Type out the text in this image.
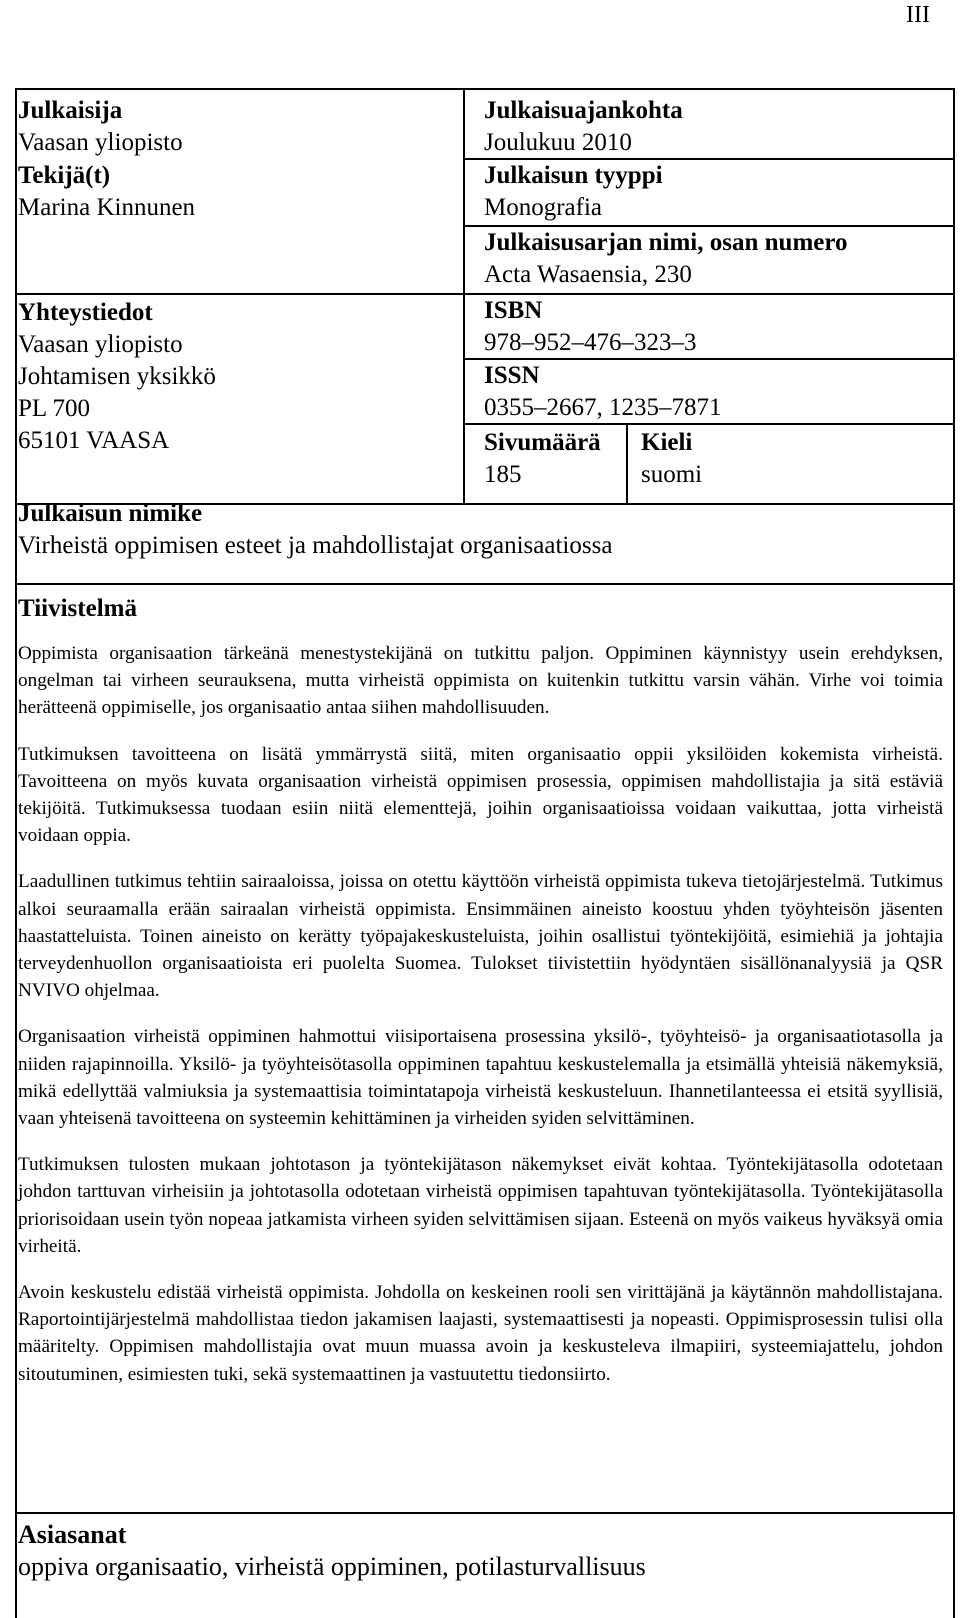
III
Julkaisija
Vaasan yliopisto
Tekijä(t)
Marina Kinnunen
Yhteystiedot
Vaasan yliopisto
Johtamisen yksikkö
PL 700
65101 VAASA
Julkaisuajankohta
Joulukuu 2010
Julkaisun tyyppi
Monografia
Julkaisusarjan nimi, osan numero
Acta Wasaensia, 230
ISBN
978–952–476–323–3
ISSN
0355–2667, 1235–7871
Sivumäärä
185
Kieli
suomi
Julkaisun nimike
Virheistä oppimisen esteet ja mahdollistajat organisaatiossa
Tiivistelmä

Oppimista organisaation tärkeänä menestystekijänä on tutkittu paljon. Oppiminen käynnistyy usein erehdyksen, ongelman tai virheen seurauksena, mutta virheistä oppimista on kuitenkin tutkittu varsin vähän. Virhe voi toimia herätteenä oppimiselle, jos organisaatio antaa siihen mahdollisuuden.

Tutkimuksen tavoitteena on lisätä ymmärrystä siitä, miten organisaatio oppii yksilöiden kokemista virheistä. Tavoitteena on myös kuvata organisaation virheistä oppimisen prosessia, oppimisen mahdollistajia ja sitä estäviä tekijöitä. Tutkimuksessa tuodaan esiin niitä elementtejä, joihin organisaatioissa voidaan vaikuttaa, jotta virheistä voidaan oppia.

Laadullinen tutkimus tehtiin sairaaloissa, joissa on otettu käyttöön virheistä oppimista tukeva tietojärjestelmä. Tutkimus alkoi seuraamalla erään sairaalan virheistä oppimista. Ensimmäinen aineisto koostuu yhden työyhteisön jäsenten haastatteluista. Toinen aineisto on kerätty työpajakeskusteluista, joihin osallistui työntekijöitä, esimiehiä ja johtajia terveydenhuollon organisaatioista eri puolelta Suomea. Tulokset tiivistettiin hyödyntäen sisällönanalyysiä ja QSR NVIVO ohjelmaa.

Organisaation virheistä oppiminen hahmottui viisiportaisena prosessina yksilö-, työyhteisö- ja organisaatiotasolla ja niiden rajapinnoilla. Yksilö- ja työyhteisötasolla oppiminen tapahtuu keskustelemalla ja etsimällä yhteisiä näkemyksiä, mikä edellyttää valmiuksia ja systemaattisia toimintatapoja virheistä keskusteluun. Ihannetilanteessa ei etsitä syyllisiä, vaan yhteisenä tavoitteena on systeemin kehittäminen ja virheiden syiden selvittäminen.

Tutkimuksen tulosten mukaan johtotason ja työntekijätason näkemykset eivät kohtaa. Työntekijätasolla odotetaan johdon tarttuvan virheisiin ja johtotasolla odotetaan virheistä oppimisen tapahtuvan työntekijätasolla. Työntekijätasolla priorisoidaan usein työn nopeaa jatkamista virheen syiden selvittämisen sijaan. Esteenä on myös vaikeus hyväksyä omia virheitä.

Avoin keskustelu edistää virheistä oppimista. Johdolla on keskeinen rooli sen virittäjänä ja käytännön mahdollistajana. Raportointijärjestelmä mahdollistaa tiedon jakamisen laajasti, systemaattisesti ja nopeasti. Oppimisprosessin tulisi olla määritelty. Oppimisen mahdollistajia ovat muun muassa avoin ja keskusteleva ilmapiiri, systeemiajattelu, johdon sitoutuminen, esimiesten tuki, sekä systemaattinen ja vastuutettu tiedonsiirto.

Asiasanat
oppiva organisaatio, virheistä oppiminen, potilasturvallisuus
